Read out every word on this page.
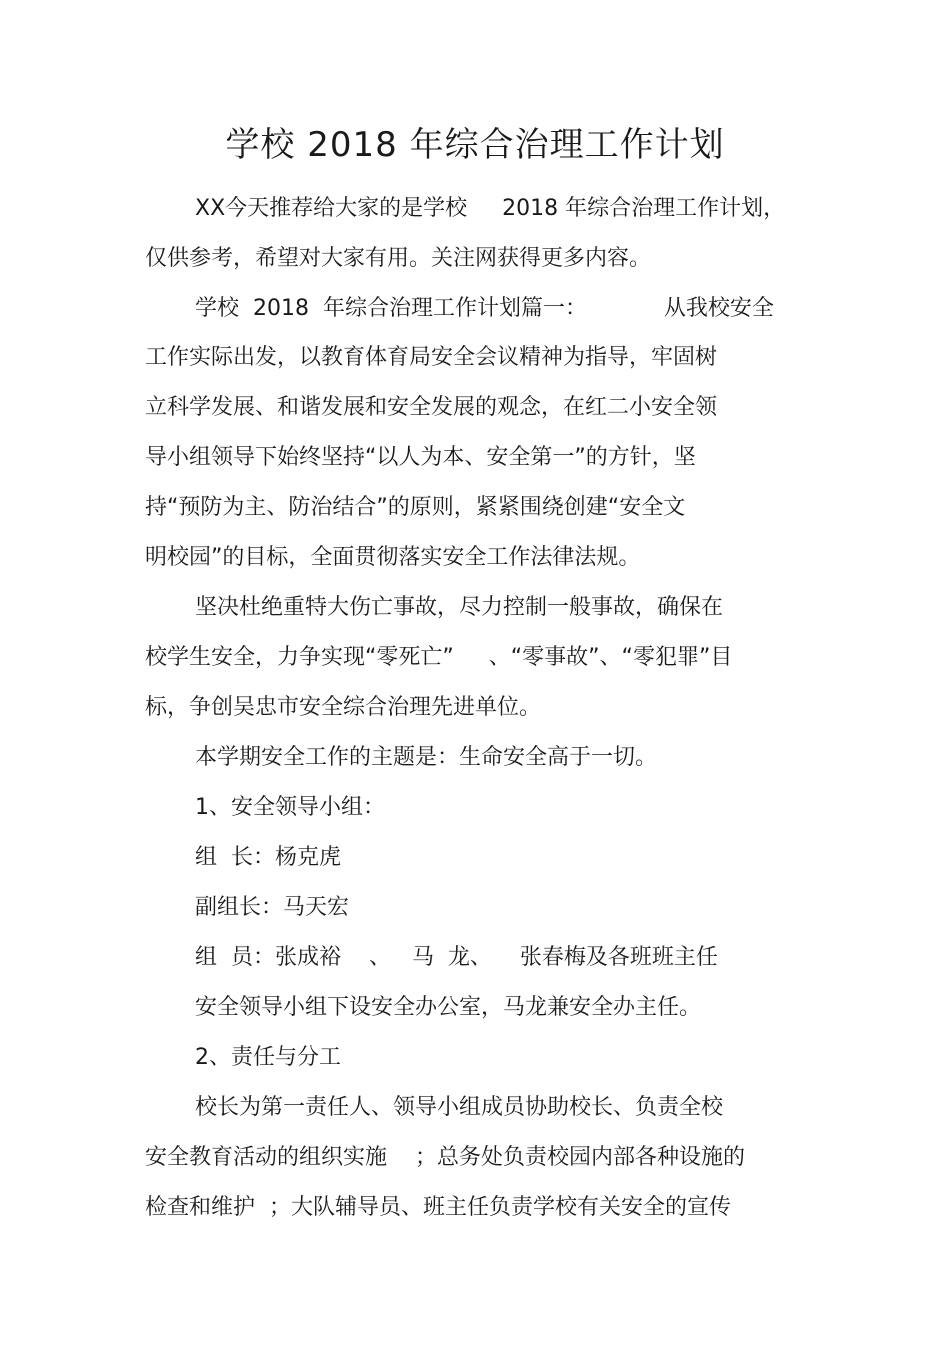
学校 2018 年综合治理工作计划
XX今天推荐给大家的是学校     2018 年综合治理工作计划，
仅供参考，希望对大家有用。关注网获得更多内容。
学校  2018  年综合治理工作计划篇一：           从我校安全
工作实际出发，以教育体育局安全会议精神为指导，牢固树
立科学发展、和谐发展和安全发展的观念，在红二小安全领
导小组领导下始终坚持“以人为本、安全第一”的方针，坚
持“预防为主、防治结合”的原则，紧紧围绕创建“安全文
明校园”的目标，全面贯彻落实安全工作法律法规。
坚决杜绝重特大伤亡事故，尽力控制一般事故，确保在
校学生安全，力争实现“零死亡”     、“零事故”、“零犯罪”目
标，争创吴忠市安全综合治理先进单位。
本学期安全工作的主题是：生命安全高于一切。
1、安全领导小组：
组  长：杨克虎
副组长：马天宏
组  员：张成裕    、   马  龙、    张春梅及各班班主任
安全领导小组下设安全办公室，马龙兼安全办主任。
2、责任与分工
校长为第一责任人、领导小组成员协助校长、负责全校
安全教育活动的组织实施    ；总务处负责校园内部各种设施的
检查和维护  ；大队辅导员、班主任负责学校有关安全的宣传
